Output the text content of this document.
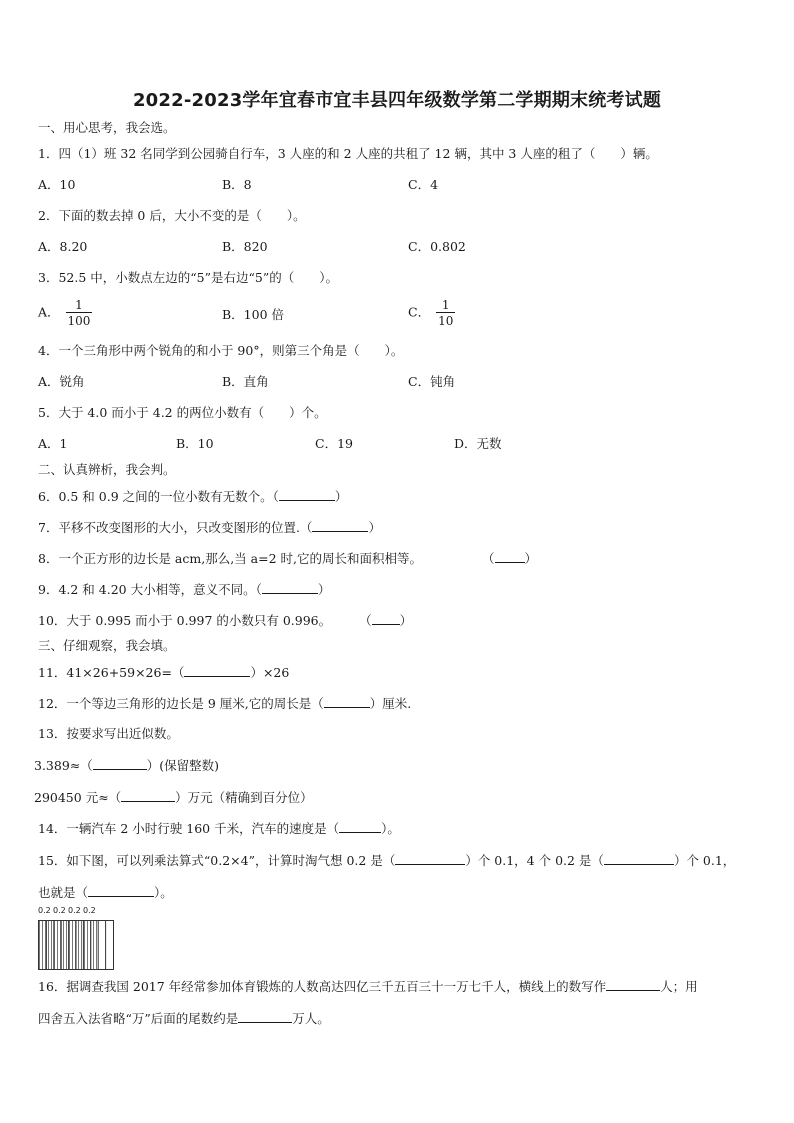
2022-2023学年宜春市宜丰县四年级数学第二学期期末统考试题
一、用心思考，我会选。
1．四（1）班 32 名同学到公园骑自行车，3 人座的和 2 人座的共租了 12 辆，其中 3 人座的租了（　　）辆。
A．10	B．8	C．4
2．下面的数去掉 0 后，大小不变的是（　　）。
A．8.20	B．820	C．0.802
3．52.5 中，小数点左边的“5”是右边“5”的（　　）。
A． $\frac{1}{100}$	B．100 倍	C． $\frac{1}{10}$
4．一个三角形中两个锐角的和小于 90°，则第三个角是（　　）。
A．锐角	B．直角	C．钝角
5．大于 4.0 而小于 4.2 的两位小数有（　　）个。
A．1	B．10	C．19	D．无数
二、认真辨析，我会判。
6．0.5 和 0.9 之间的一位小数有无数个。（	）
7．平移不改变图形的大小，只改变图形的位置.（	）
8．一个正方形的边长是 acm,那么,当 a=2 时,它的周长和面积相等。	（ ）
9．4.2 和 4.20 大小相等，意义不同。（	）
10．大于 0.995 而小于 0.997 的小数只有 0.996。 （ ）
三、仔细观察，我会填。
11．41×26+59×26=（	）×26
12．一个等边三角形的边长是 9 厘米,它的周长是（	）厘米.
13．按要求写出近似数。
3.389≈（	）(保留整数)
290450 元≈（	）万元（精确到百分位）
14．一辆汽车 2 小时行驶 160 千米，汽车的速度是（	）。
15．如下图，可以列乘法算式“0.2×4”，计算时淘气想 0.2 是（	）个 0.1，4 个 0.2 是（	）个 0.1，
也就是（	）。
0.2 0.2 0.2 0.2
16．据调查我国 2017 年经常参加体育锻炼的人数高达四亿三千五百三十一万七千人，横线上的数写作	人；用
四舍五入法省略“万”后面的尾数约是	万人。
